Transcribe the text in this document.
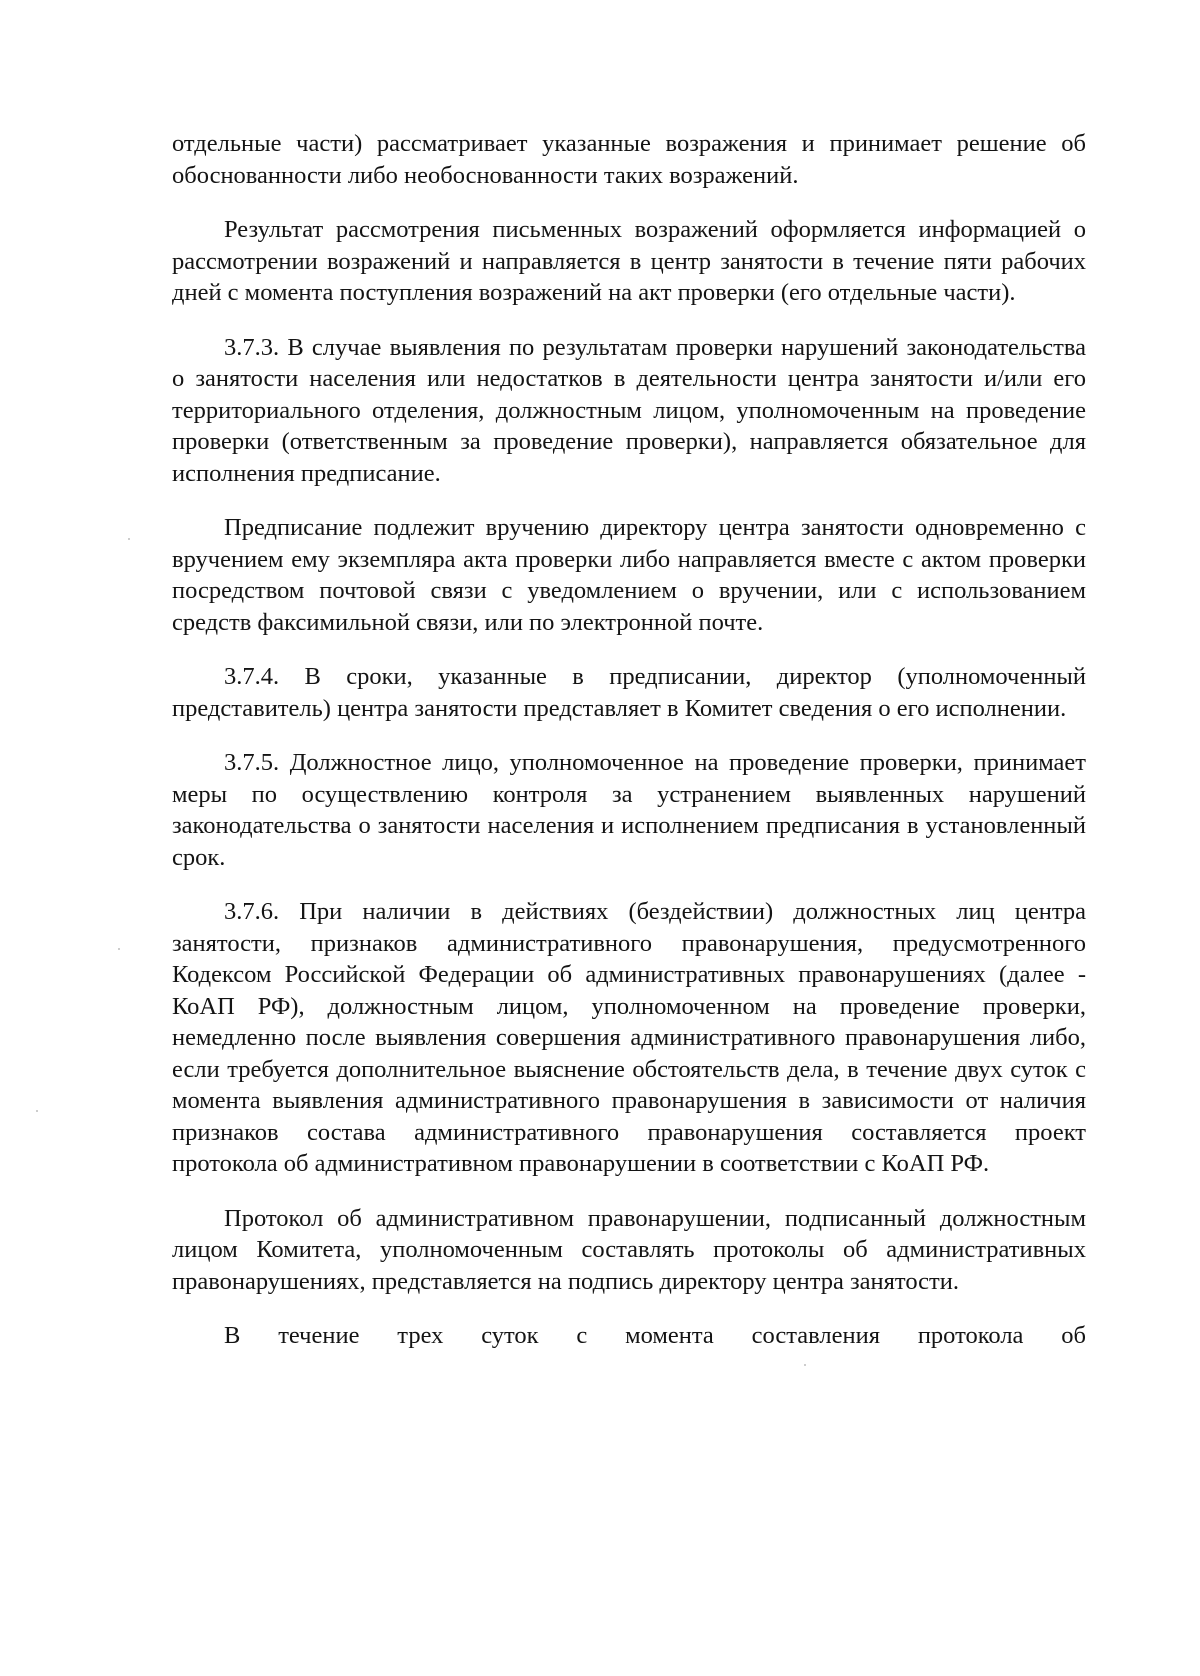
отдельные части) рассматривает указанные возражения и принимает решение об обоснованности либо необоснованности таких возражений.

Результат рассмотрения письменных возражений оформляется информацией о рассмотрении возражений и направляется в центр занятости в течение пяти рабочих дней с момента поступления возражений на акт проверки (его отдельные части).

3.7.3. В случае выявления по результатам проверки нарушений законодательства о занятости населения или недостатков в деятельности центра занятости и/или его территориального отделения, должностным лицом, уполномоченным на проведение проверки (ответственным за проведение проверки), направляется обязательное для исполнения предписание.

Предписание подлежит вручению директору центра занятости одновременно с вручением ему экземпляра акта проверки либо направляется вместе с актом проверки посредством почтовой связи с уведомлением о вручении, или с использованием средств факсимильной связи, или по электронной почте.

3.7.4. В сроки, указанные в предписании, директор (уполномоченный представитель) центра занятости представляет в Комитет сведения о его исполнении.

3.7.5. Должностное лицо, уполномоченное на проведение проверки, принимает меры по осуществлению контроля за устранением выявленных нарушений законодательства о занятости населения и исполнением предписания в установленный срок.

3.7.6. При наличии в действиях (бездействии) должностных лиц центра занятости, признаков административного правонарушения, предусмотренного Кодексом Российской Федерации об административных правонарушениях (далее - КоАП РФ), должностным лицом, уполномоченном на проведение проверки, немедленно после выявления совершения административного правонарушения либо, если требуется дополнительное выяснение обстоятельств дела, в течение двух суток с момента выявления административного правонарушения в зависимости от наличия признаков состава административного правонарушения составляется проект протокола об административном правонарушении в соответствии с КоАП РФ.

Протокол об административном правонарушении, подписанный должностным лицом Комитета, уполномоченным составлять протоколы об административных правонарушениях, представляется на подпись директору центра занятости.

В течение трех суток с момента составления протокола об
